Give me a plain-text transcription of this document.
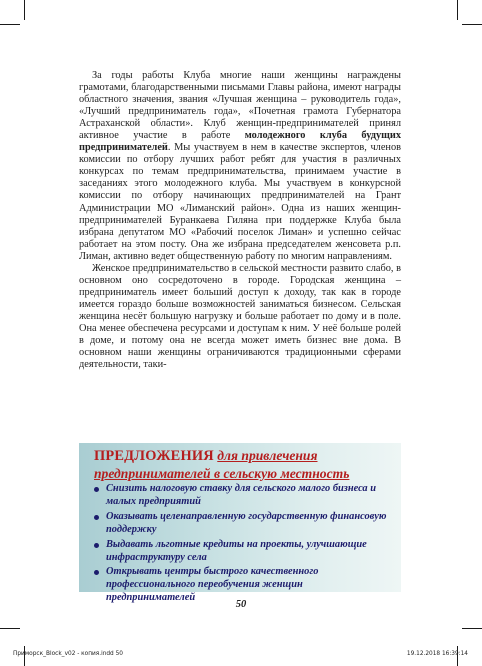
За годы работы Клуба многие наши женщины награждены грамотами, благодарственными письмами Главы района, имеют награды областного значения, звания «Лучшая женщина – руководитель года», «Лучший предприниматель года», «Почетная грамота Губернатора Астраханской области». Клуб женщин-предпринимателей принял активное участие в работе молодежного клуба будущих предпринимателей. Мы участвуем в нем в качестве экспертов, членов комиссии по отбору лучших работ ребят для участия в различных конкурсах по темам предпринимательства, принимаем участие в заседаниях этого молодежного клуба. Мы участвуем в конкурсной комиссии по отбору начинающих предпринимателей на Грант Администрации МО «Лиманский район». Одна из наших женщин-предпринимателей Буранкаева Гиляна при поддержке Клуба была избрана депутатом МО «Рабочий поселок Лиман» и успешно сейчас работает на этом посту. Она же избрана председателем женсовета р.п. Лиман, активно ведет общественную работу по многим направлениям.

Женское предпринимательство в сельской местности развито слабо, в основном оно сосредоточено в городе. Городская женщина – предприниматель имеет больший доступ к доходу, так как в городе имеется гораздо больше возможностей заниматься бизнесом. Сельская женщина несёт большую нагрузку и больше работает по дому и в поле. Она менее обеспечена ресурсами и доступам к ним. У неё больше ролей в доме, и потому она не всегда может иметь бизнес вне дома. В основном наши женщины ограничиваются традиционными сферами деятельности, таки-

ПРЕДЛОЖЕНИЯ для привлечения предпринимателей в сельскую местность
Снизить налоговую ставку для сельского малого бизнеса и малых предприятий
Оказывать целенаправленную государственную финансовую поддержку
Выдавать льготные кредиты на проекты, улучшающие инфраструктуру села
Открывать центры быстрого качественного профессионального переобучения женщин предпринимателей
50
Приморск_Block_v02 - копия.indd 50	19.12.2018 16:39:14
